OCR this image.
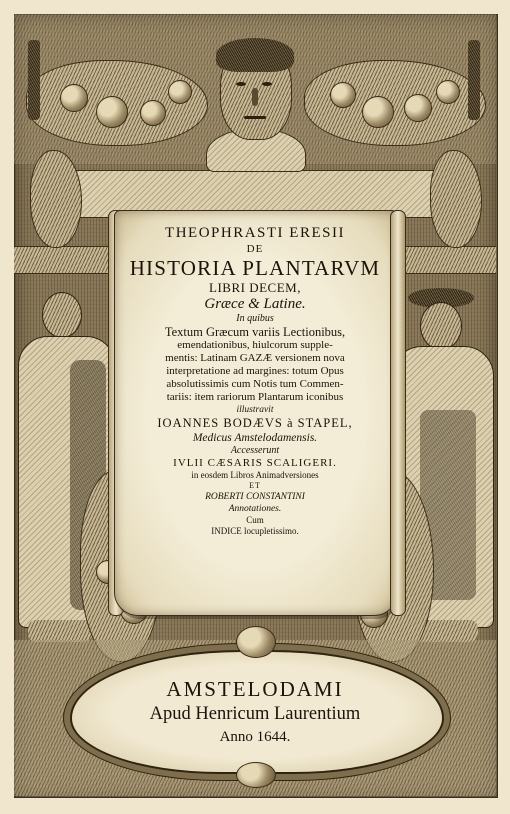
THEOPHRASTI ERESII
DE
HISTORIA PLANTARVM
LIBRI DECEM,
Græce & Latine.
In quibus
Textum Græcum variis Lectionibus,
emendationibus, hiulcorum supple-
mentis: Latinam GAZÆ versionem nova
interpretatione ad margines: totum Opus
absolutissimis cum Notis tum Commen-
tariis: item rariorum Plantarum iconibus
illustravit
IOANNES BODÆVS à STAPEL,
Medicus Amstelodamensis.
Accesserunt
IVLII CÆSARIS SCALIGERI.
in eosdem Libros Animadversiones
ET
ROBERTI CONSTANTINI
Annotationes.
Cum
INDICE locupletissimo.
AMSTELODAMI
Apud Henricum Laurentium
Anno 1644.
